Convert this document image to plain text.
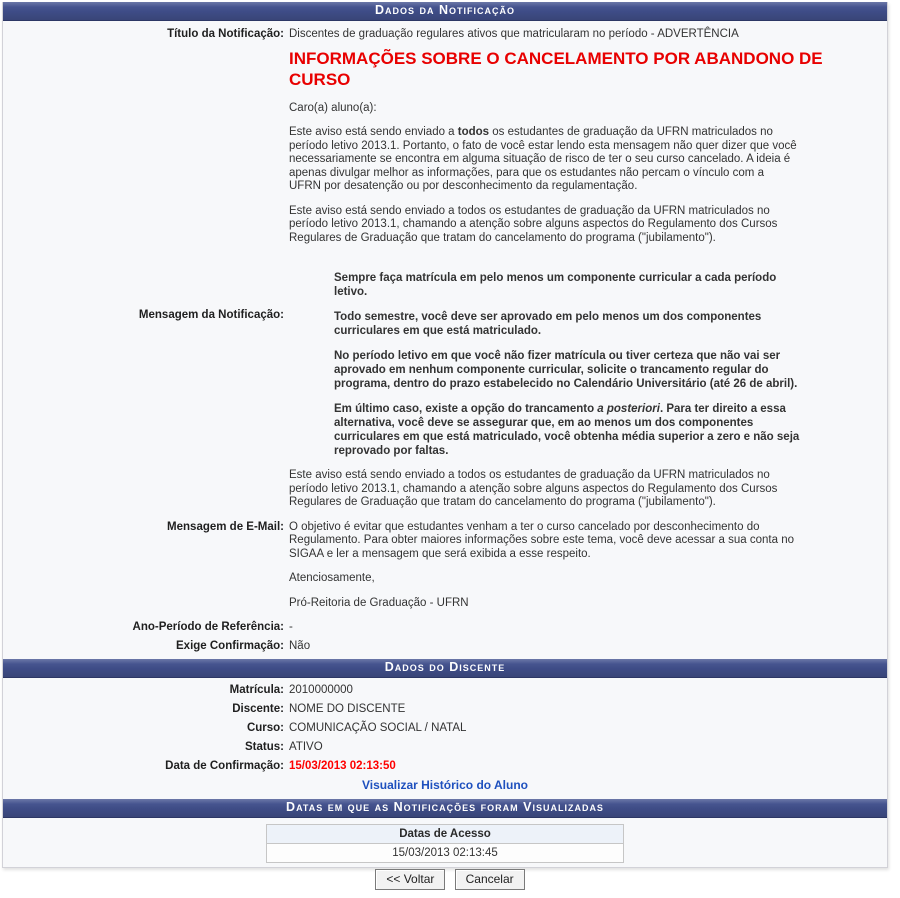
Dados da Notificação
Título da Notificação: Discentes de graduação regulares ativos que matricularam no período - ADVERTÊNCIA
Mensagem da Notificação:
INFORMAÇÕES SOBRE O CANCELAMENTO POR ABANDONO DE CURSO

Caro(a) aluno(a):

Este aviso está sendo enviado a todos os estudantes de graduação da UFRN matriculados no período letivo 2013.1. Portanto, o fato de você estar lendo esta mensagem não quer dizer que você necessariamente se encontra em alguma situação de risco de ter o seu curso cancelado. A ideia é apenas divulgar melhor as informações, para que os estudantes não percam o vínculo com a UFRN por desatenção ou por desconhecimento da regulamentação.

Este aviso está sendo enviado a todos os estudantes de graduação da UFRN matriculados no período letivo 2013.1, chamando a atenção sobre alguns aspectos do Regulamento dos Cursos Regulares de Graduação que tratam do cancelamento do programa ("jubilamento").

Sempre faça matrícula em pelo menos um componente curricular a cada período letivo.

Todo semestre, você deve ser aprovado em pelo menos um dos componentes curriculares em que está matriculado.

No período letivo em que você não fizer matrícula ou tiver certeza que não vai ser aprovado em nenhum componente curricular, solicite o trancamento regular do programa, dentro do prazo estabelecido no Calendário Universitário (até 26 de abril).

Em último caso, existe a opção do trancamento a posteriori. Para ter direito a essa alternativa, você deve se assegurar que, em ao menos um dos componentes curriculares em que está matriculado, você obtenha média superior a zero e não seja reprovado por faltas.

Este aviso está sendo enviado a todos os estudantes de graduação da UFRN matriculados no período letivo 2013.1, chamando a atenção sobre alguns aspectos do Regulamento dos Cursos Regulares de Graduação que tratam do cancelamento do programa ("jubilamento").

Mensagem de E-Mail: O objetivo é evitar que estudantes venham a ter o curso cancelado por desconhecimento do Regulamento. Para obter maiores informações sobre este tema, você deve acessar a sua conta no SIGAA e ler a mensagem que será exibida a esse respeito.

Atenciosamente,

Pró-Reitoria de Graduação - UFRN

Ano-Período de Referência: -
Exige Confirmação: Não
Dados do Discente
Matrícula: 2010000000
Discente: NOME DO DISCENTE
Curso: COMUNICAÇÃO SOCIAL / NATAL
Status: ATIVO
Data de Confirmação: 15/03/2013 02:13:50
Visualizar Histórico do Aluno
Datas em que as Notificações foram Visualizadas
Datas de Acesso
15/03/2013 02:13:45
<< Voltar	Cancelar
